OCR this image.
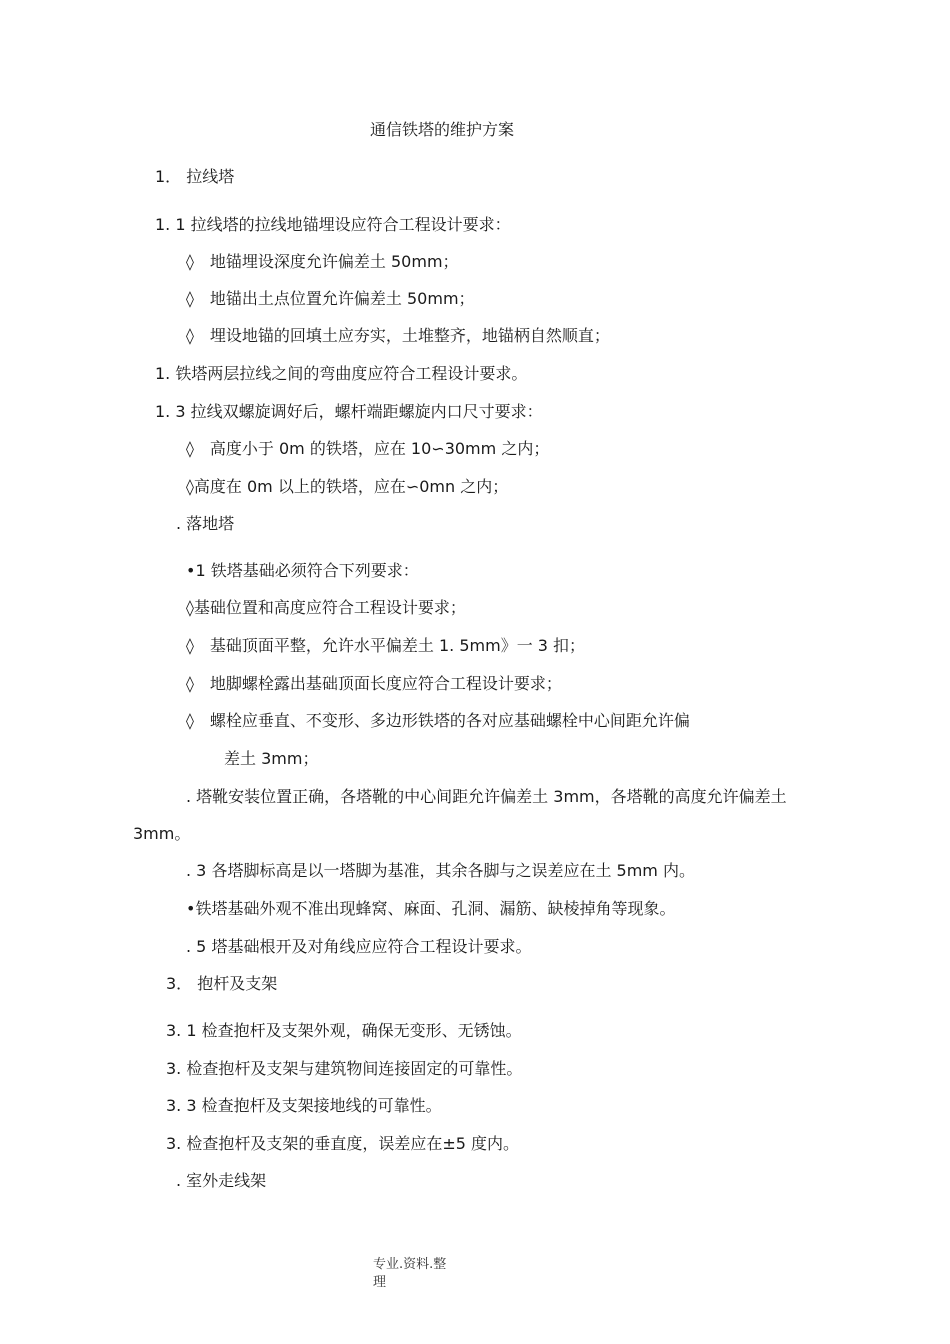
通信铁塔的维护方案
1． 拉线塔
1. 1 拉线塔的拉线地锚埋设应符合工程设计要求：
◊　地锚埋设深度允许偏差土 50mm；
◊　地锚出土点位置允许偏差土 50mm；
◊　埋设地锚的回填土应夯实，土堆整齐，地锚柄自然顺直；
1. 铁塔两层拉线之间的弯曲度应符合工程设计要求。
1. 3 拉线双螺旋调好后，螺杆端距螺旋内口尺寸要求：
◊　高度小于 0m 的铁塔，应在 10∽30mm 之内；
◊高度在 0m 以上的铁塔，应在∽0mn 之内；
. 落地塔
•1 铁塔基础必须符合下列要求：
◊基础位置和高度应符合工程设计要求；
◊　基础顶面平整，允许水平偏差土 1. 5mm》一 3 扣；
◊　地脚螺栓露出基础顶面长度应符合工程设计要求；
◊　螺栓应垂直、不变形、多边形铁塔的各对应基础螺栓中心间距允许偏
差土 3mm；
. 塔靴安装位置正确，各塔靴的中心间距允许偏差土 3mm，各塔靴的高度允许偏差土
3mm。
. 3 各塔脚标高是以一塔脚为基准，其余各脚与之误差应在土 5mm 内。
•铁塔基础外观不准出现蜂窝、麻面、孔洞、漏筋、缺棱掉角等现象。
. 5 塔基础根开及对角线应应符合工程设计要求。
3． 抱杆及支架
3. 1 检查抱杆及支架外观，确保无变形、无锈蚀。
3. 检查抱杆及支架与建筑物间连接固定的可靠性。
3. 3 检查抱杆及支架接地线的可靠性。
3. 检查抱杆及支架的垂直度，误差应在±5 度内。
. 室外走线架
专业.资料.整
理
